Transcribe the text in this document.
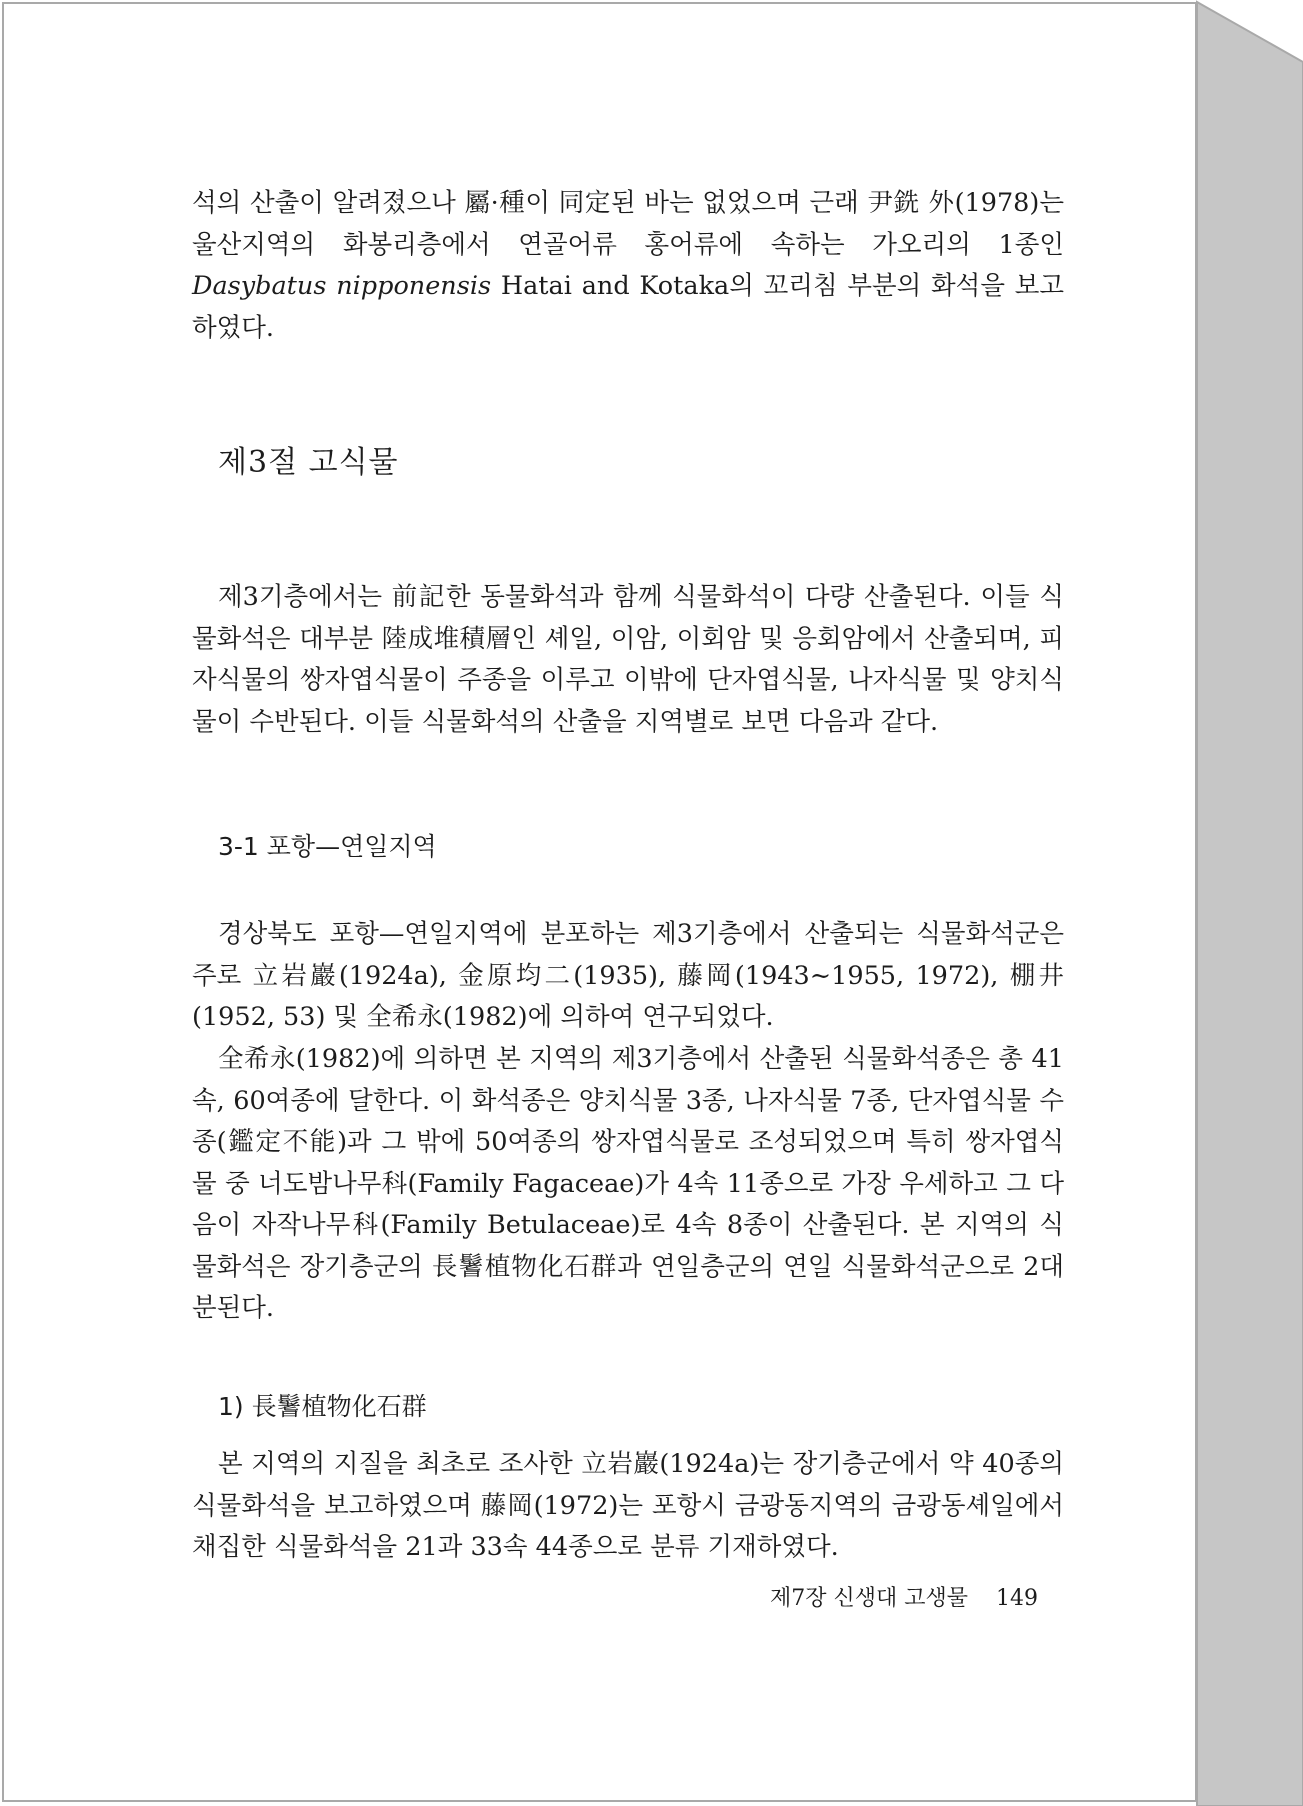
석의 산출이 알려졌으나 屬·種이 同定된 바는 없었으며 근래 尹銑 外(1978)는 울산지역의 화봉리층에서 연골어류 홍어류에 속하는 가오리의 1종인 Dasybatus nipponensis Hatai and Kotaka의 꼬리침 부분의 화석을 보고하였다.

제3절 고식물

제3기층에서는 前記한 동물화석과 함께 식물화석이 다량 산출된다. 이들 식물화석은 대부분 陸成堆積層인 셰일, 이암, 이회암 및 응회암에서 산출되며, 피자식물의 쌍자엽식물이 주종을 이루고 이밖에 단자엽식물, 나자식물 및 양치식물이 수반된다. 이들 식물화석의 산출을 지역별로 보면 다음과 같다.

3-1 포항—연일지역

경상북도 포항—연일지역에 분포하는 제3기층에서 산출되는 식물화석군은 주로 立岩巖(1924a), 金原均二(1935), 藤岡(1943∼1955, 1972), 棚井(1952, 53) 및 全希永(1982)에 의하여 연구되었다.

全希永(1982)에 의하면 본 지역의 제3기층에서 산출된 식물화석종은 총 41속, 60여종에 달한다. 이 화석종은 양치식물 3종, 나자식물 7종, 단자엽식물 수종(鑑定不能)과 그 밖에 50여종의 쌍자엽식물로 조성되었으며 특히 쌍자엽식물 중 너도밤나무科(Family Fagaceae)가 4속 11종으로 가장 우세하고 그 다음이 자작나무科(Family Betulaceae)로 4속 8종이 산출된다. 본 지역의 식물화석은 장기층군의 長鬐植物化石群과 연일층군의 연일 식물화석군으로 2대분된다.

1) 長鬐植物化石群

본 지역의 지질을 최초로 조사한 立岩巖(1924a)는 장기층군에서 약 40종의 식물화석을 보고하였으며 藤岡(1972)는 포항시 금광동지역의 금광동셰일에서 채집한 식물화석을 21과 33속 44종으로 분류 기재하였다.

제7장 신생대 고생물 149
